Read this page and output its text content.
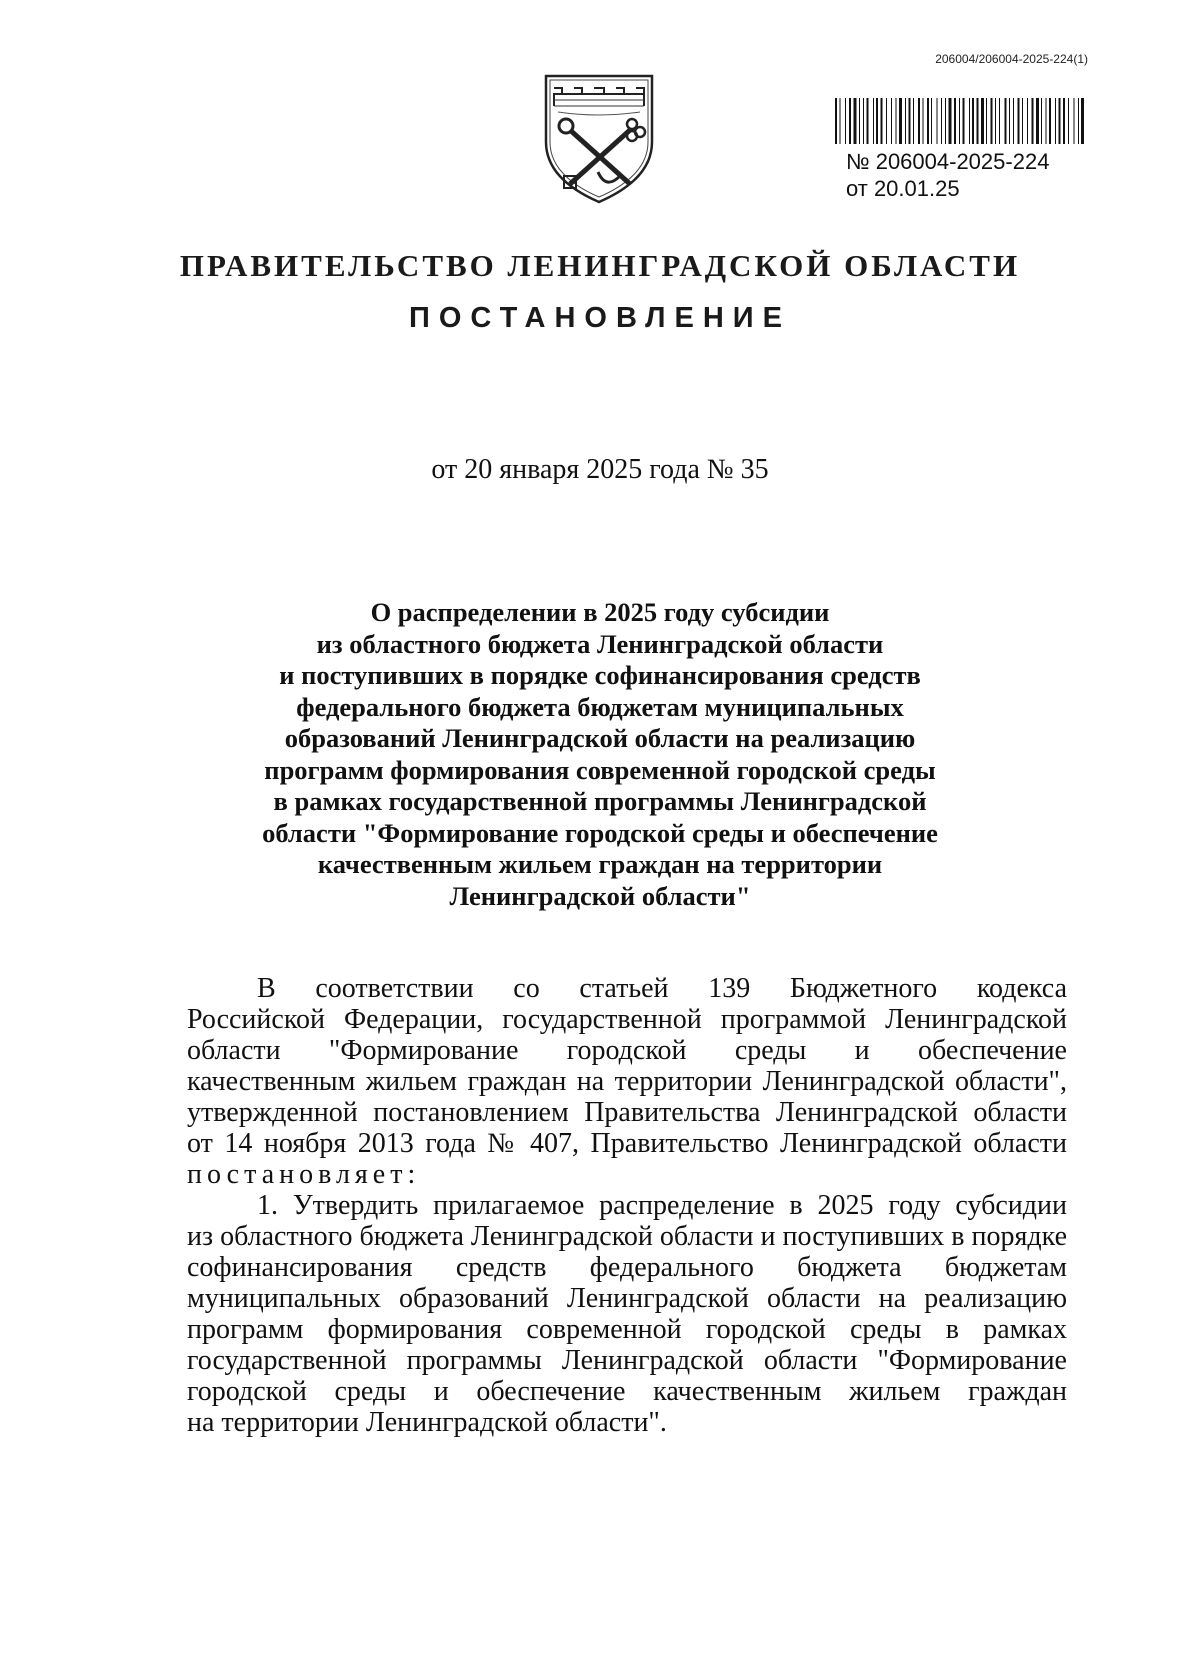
206004/206004-2025-224(1)
№ 206004-2025-224
от 20.01.25
ПРАВИТЕЛЬСТВО ЛЕНИНГРАДСКОЙ ОБЛАСТИ
ПОСТАНОВЛЕНИЕ
от 20 января 2025 года № 35
О распределении в 2025 году субсидии
из областного бюджета Ленинградской области
и поступивших в порядке софинансирования средств
федерального бюджета бюджетам муниципальных
образований Ленинградской области на реализацию
программ формирования современной городской среды
в рамках государственной программы Ленинградской
области "Формирование городской среды и обеспечение
качественным жильем граждан на территории
Ленинградской области"
В соответствии со статьей 139 Бюджетного кодекса
Российской Федерации, государственной программой Ленинградской
области "Формирование городской среды и обеспечение
качественным жильем граждан на территории Ленинградской области",
утвержденной постановлением Правительства Ленинградской области
от 14 ноября 2013 года № 407, Правительство Ленинградской области
постановляет:
1. Утвердить прилагаемое распределение в 2025 году субсидии
из областного бюджета Ленинградской области и поступивших в порядке
софинансирования средств федерального бюджета бюджетам
муниципальных образований Ленинградской области на реализацию
программ формирования современной городской среды в рамках
государственной программы Ленинградской области "Формирование
городской среды и обеспечение качественным жильем граждан
на территории Ленинградской области".
